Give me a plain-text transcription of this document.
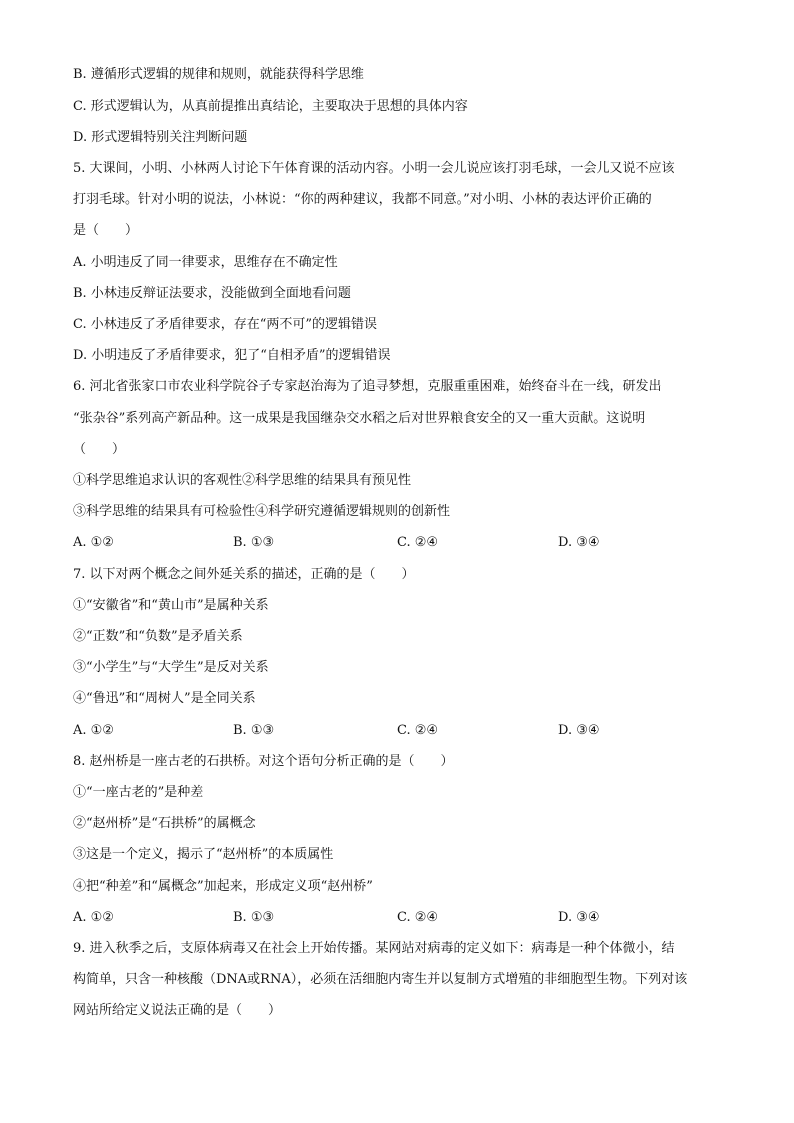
B. 遵循形式逻辑的规律和规则，就能获得科学思维
C. 形式逻辑认为，从真前提推出真结论，主要取决于思想的具体内容
D. 形式逻辑特别关注判断问题
5. 大课间，小明、小林两人讨论下午体育课的活动内容。小明一会儿说应该打羽毛球，一会儿又说不应该
打羽毛球。针对小明的说法，小林说：“你的两种建议，我都不同意。”对小明、小林的表达评价正确的
是（　　）
A. 小明违反了同一律要求，思维存在不确定性
B. 小林违反辩证法要求，没能做到全面地看问题
C. 小林违反了矛盾律要求，存在“两不可”的逻辑错误
D. 小明违反了矛盾律要求，犯了“自相矛盾”的逻辑错误
6. 河北省张家口市农业科学院谷子专家赵治海为了追寻梦想，克服重重困难，始终奋斗在一线，研发出
“张杂谷”系列高产新品种。这一成果是我国继杂交水稻之后对世界粮食安全的又一重大贡献。这说明
（　　）
①科学思维追求认识的客观性②科学思维的结果具有预见性
③科学思维的结果具有可检验性④科学研究遵循逻辑规则的创新性
A. ①②	B. ①③	C. ②④	D. ③④
7. 以下对两个概念之间外延关系的描述，正确的是（　　）
①“安徽省”和“黄山市”是属种关系
②“正数”和“负数”是矛盾关系
③“小学生”与“大学生”是反对关系
④“鲁迅”和“周树人”是全同关系
A. ①②	B. ①③	C. ②④	D. ③④
8. 赵州桥是一座古老的石拱桥。对这个语句分析正确的是（　　）
①“一座古老的”是种差
②“赵州桥”是“石拱桥”的属概念
③这是一个定义，揭示了“赵州桥”的本质属性
④把“种差”和“属概念”加起来，形成定义项“赵州桥”
A. ①②	B. ①③	C. ②④	D. ③④
9. 进入秋季之后，支原体病毒又在社会上开始传播。某网站对病毒的定义如下：病毒是一种个体微小，结
构简单，只含一种核酸（DNA或RNA），必须在活细胞内寄生并以复制方式增殖的非细胞型生物。下列对该
网站所给定义说法正确的是（　　）
